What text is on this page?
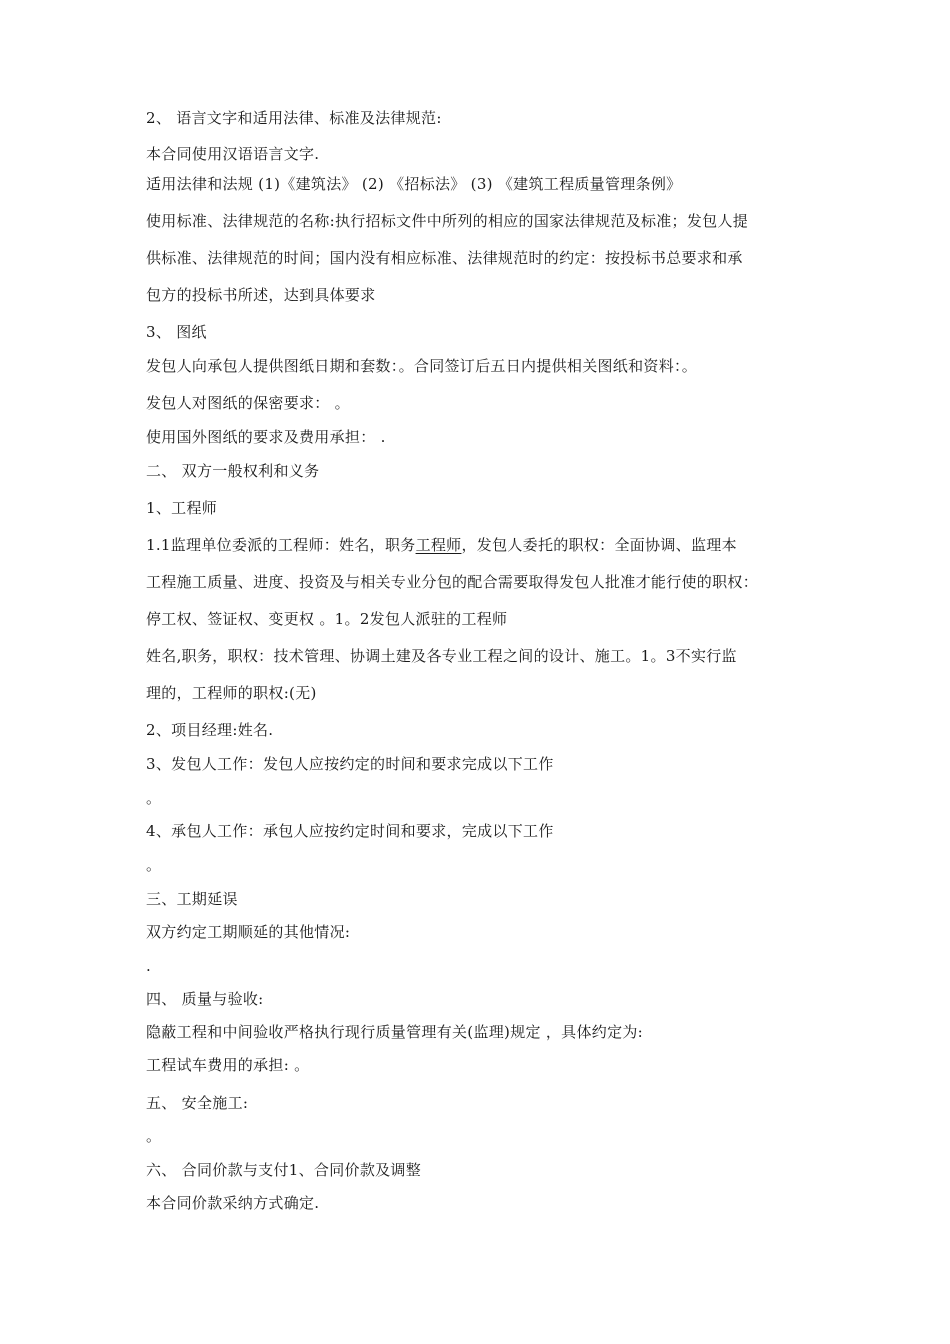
2、 语言文字和适用法律、标准及法律规范:

本合同使用汉语语言文字.

适用法律和法规 (1)《建筑法》 (2) 《招标法》 (3) 《建筑工程质量管理条例》

使用标准、法律规范的名称:执行招标文件中所列的相应的国家法律规范及标准；发包人提

供标准、法律规范的时间；国内没有相应标准、法律规范时的约定：按投标书总要求和承

包方的投标书所述，达到具体要求

3、 图纸

发包人向承包人提供图纸日期和套数：。合同签订后五日内提供相关图纸和资料：。

发包人对图纸的保密要求： 。

使用国外图纸的要求及费用承担： .

二、 双方一般权利和义务

1、工程师

1.1监理单位委派的工程师：姓名，职务工程师，发包人委托的职权：全面协调、监理本

工程施工质量、进度、投资及与相关专业分包的配合需要取得发包人批准才能行使的职权：

停工权、签证权、变更权 。1。2发包人派驻的工程师

姓名,职务，职权：技术管理、协调土建及各专业工程之间的设计、施工。1。3不实行监

理的，工程师的职权:(无)

2、项目经理:姓名.

3、发包人工作：发包人应按约定的时间和要求完成以下工作

。

4、承包人工作：承包人应按约定时间和要求，完成以下工作

。

三、工期延误

双方约定工期顺延的其他情况:

.

四、 质量与验收:

隐蔽工程和中间验收严格执行现行质量管理有关(监理)规定 ，具体约定为:

工程试车费用的承担: 。

五、 安全施工:

。

六、 合同价款与支付1、合同价款及调整

本合同价款采纳方式确定.
